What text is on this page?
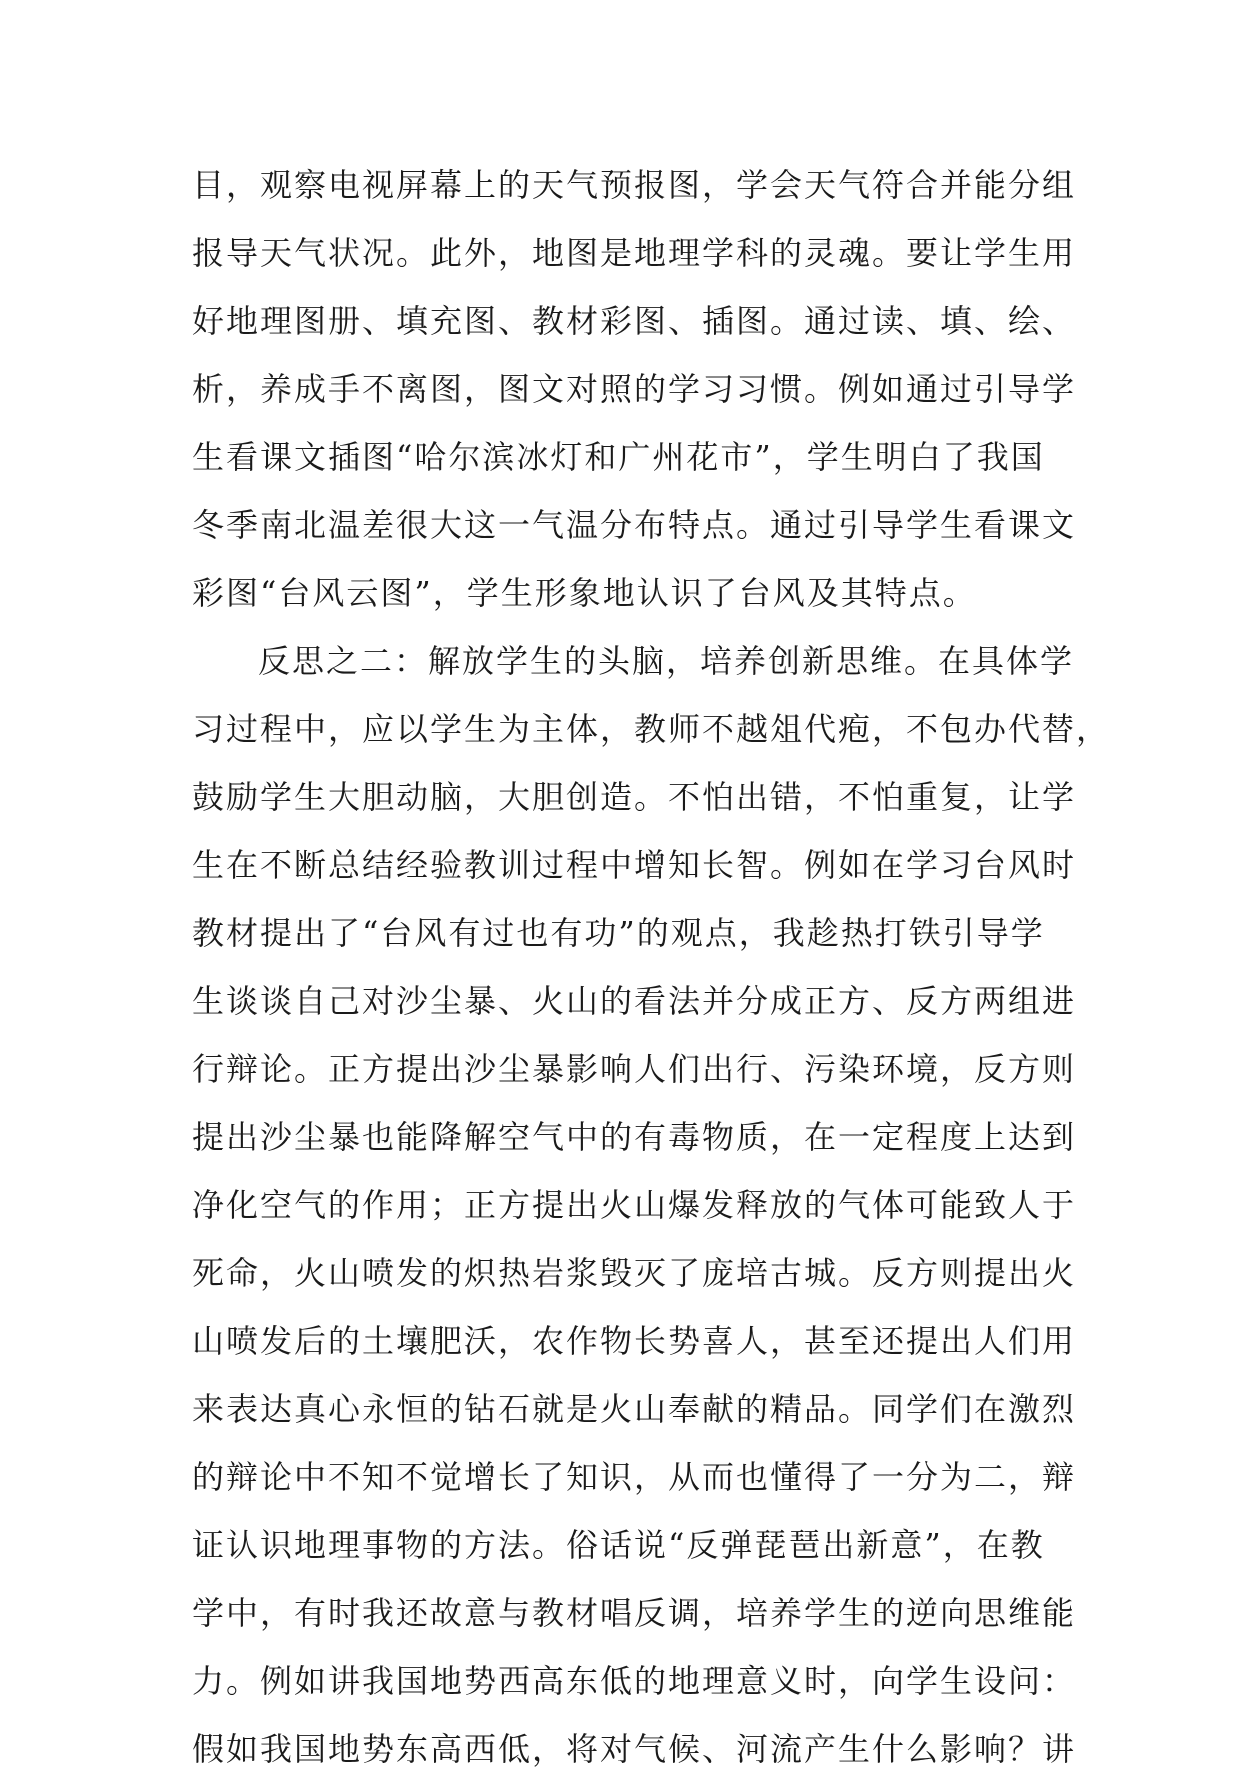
目，观察电视屏幕上的天气预报图，学会天气符合并能分组
报导天气状况。此外，地图是地理学科的灵魂。要让学生用
好地理图册、填充图、教材彩图、插图。通过读、填、绘、
析，养成手不离图，图文对照的学习习惯。例如通过引导学
生看课文插图“哈尔滨冰灯和广州花市”，学生明白了我国
冬季南北温差很大这一气温分布特点。通过引导学生看课文
彩图“台风云图”，学生形象地认识了台风及其特点。
反思之二：解放学生的头脑，培养创新思维。在具体学
习过程中，应以学生为主体，教师不越俎代疱，不包办代替，
鼓励学生大胆动脑，大胆创造。不怕出错，不怕重复，让学
生在不断总结经验教训过程中增知长智。例如在学习台风时
教材提出了“台风有过也有功”的观点，我趁热打铁引导学
生谈谈自己对沙尘暴、火山的看法并分成正方、反方两组进
行辩论。正方提出沙尘暴影响人们出行、污染环境，反方则
提出沙尘暴也能降解空气中的有毒物质，在一定程度上达到
净化空气的作用；正方提出火山爆发释放的气体可能致人于
死命，火山喷发的炽热岩浆毁灭了庞培古城。反方则提出火
山喷发后的土壤肥沃，农作物长势喜人，甚至还提出人们用
来表达真心永恒的钻石就是火山奉献的精品。同学们在激烈
的辩论中不知不觉增长了知识，从而也懂得了一分为二，辩
证认识地理事物的方法。俗话说“反弹琵琶出新意”，在教
学中，有时我还故意与教材唱反调，培养学生的逆向思维能
力。例如讲我国地势西高东低的地理意义时，向学生设问：
假如我国地势东高西低，将对气候、河流产生什么影响？讲
